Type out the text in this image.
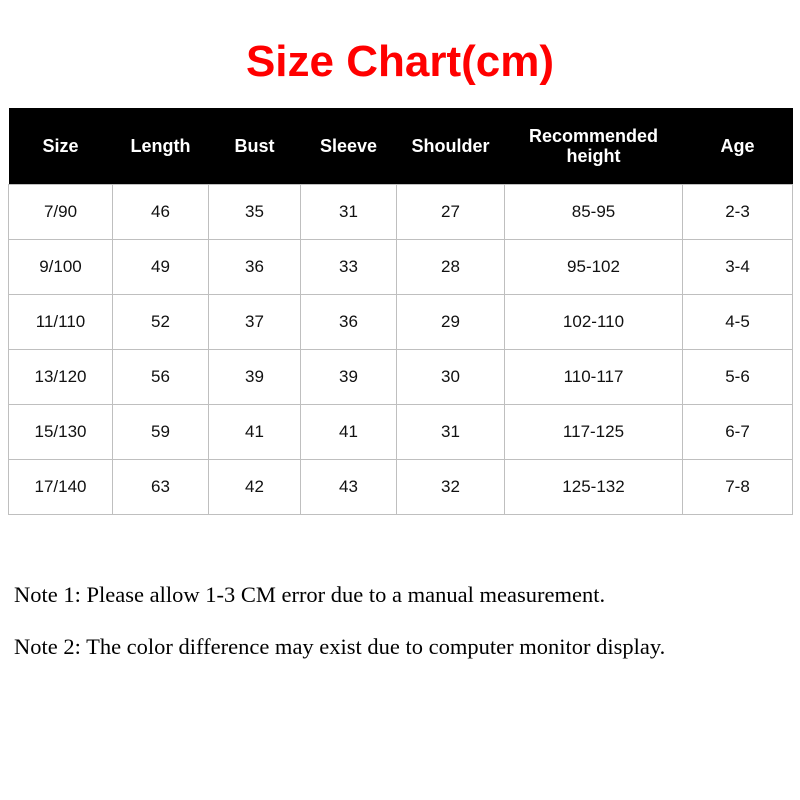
Size Chart(cm)
Size	Length	Bust	Sleeve	Shoulder	Recommended height	Age
7/90	46	35	31	27	85-95	2-3
9/100	49	36	33	28	95-102	3-4
11/110	52	37	36	29	102-110	4-5
13/120	56	39	39	30	110-117	5-6
15/130	59	41	41	31	117-125	6-7
17/140	63	42	43	32	125-132	7-8
Note 1: Please allow 1-3 CM error due to a manual measurement.
Note 2: The color difference may exist due to computer monitor display.
